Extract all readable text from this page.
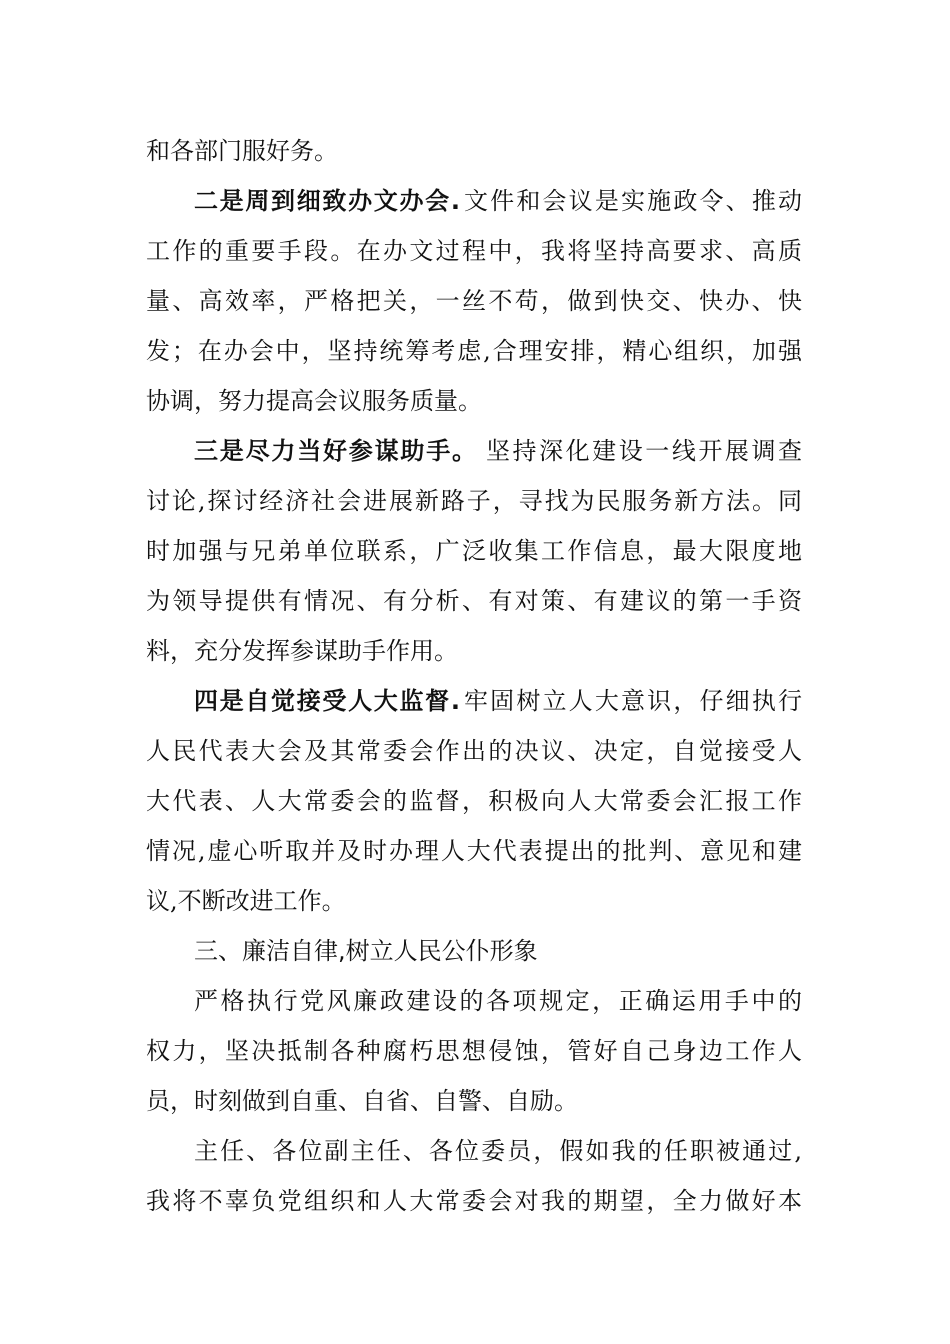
和各部门服好务。
二是周到细致办文办会. 文件和会议是实施政令、推动
工作的重要手段。在办文过程中，我将坚持高要求、高质
量、高效率，严格把关，一丝不苟，做到快交、快办、快
发；在办会中，坚持统筹考虑,合理安排，精心组织，加强
协调，努力提高会议服务质量。
三是尽力当好参谋助手。 坚持深化建设一线开展调查
讨论,探讨经济社会进展新路子，寻找为民服务新方法。同
时加强与兄弟单位联系，广泛收集工作信息，最大限度地
为领导提供有情况、有分析、有对策、有建议的第一手资
料，充分发挥参谋助手作用。
四是自觉接受人大监督. 牢固树立人大意识，仔细执行
人民代表大会及其常委会作出的决议、决定，自觉接受人
大代表、人大常委会的监督，积极向人大常委会汇报工作
情况,虚心听取并及时办理人大代表提出的批判、意见和建
议,不断改进工作。
三、廉洁自律,树立人民公仆形象
严格执行党风廉政建设的各项规定，正确运用手中的
权力，坚决抵制各种腐朽思想侵蚀，管好自己身边工作人
员，时刻做到自重、自省、自警、自励。
主任、各位副主任、各位委员，假如我的任职被通过,
我将不辜负党组织和人大常委会对我的期望，全力做好本
